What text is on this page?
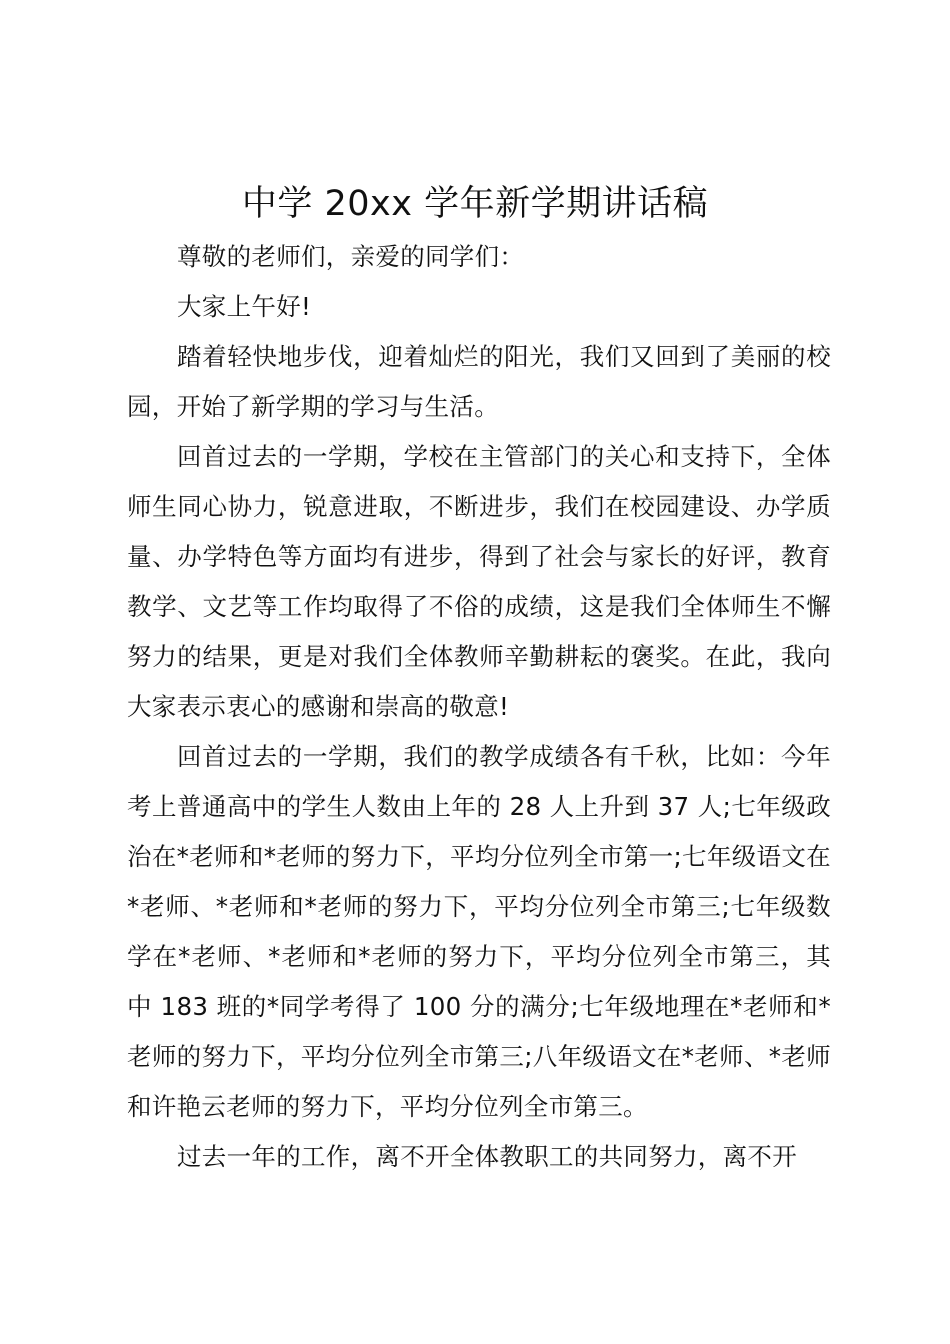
中学 20xx 学年新学期讲话稿

尊敬的老师们，亲爱的同学们：

大家上午好!

踏着轻快地步伐，迎着灿烂的阳光，我们又回到了美丽的校园，开始了新学期的学习与生活。

回首过去的一学期，学校在主管部门的关心和支持下，全体师生同心协力，锐意进取，不断进步，我们在校园建设、办学质量、办学特色等方面均有进步，得到了社会与家长的好评，教育教学、文艺等工作均取得了不俗的成绩，这是我们全体师生不懈努力的结果，更是对我们全体教师辛勤耕耘的褒奖。在此，我向大家表示衷心的感谢和崇高的敬意!

回首过去的一学期，我们的教学成绩各有千秋，比如：今年考上普通高中的学生人数由上年的 28 人上升到 37 人;七年级政治在*老师和*老师的努力下，平均分位列全市第一;七年级语文在*老师、*老师和*老师的努力下，平均分位列全市第三;七年级数学在*老师、*老师和*老师的努力下，平均分位列全市第三，其中 183 班的*同学考得了 100 分的满分;七年级地理在*老师和*老师的努力下，平均分位列全市第三;八年级语文在*老师、*老师和许艳云老师的努力下，平均分位列全市第三。

过去一年的工作，离不开全体教职工的共同努力，离不开
